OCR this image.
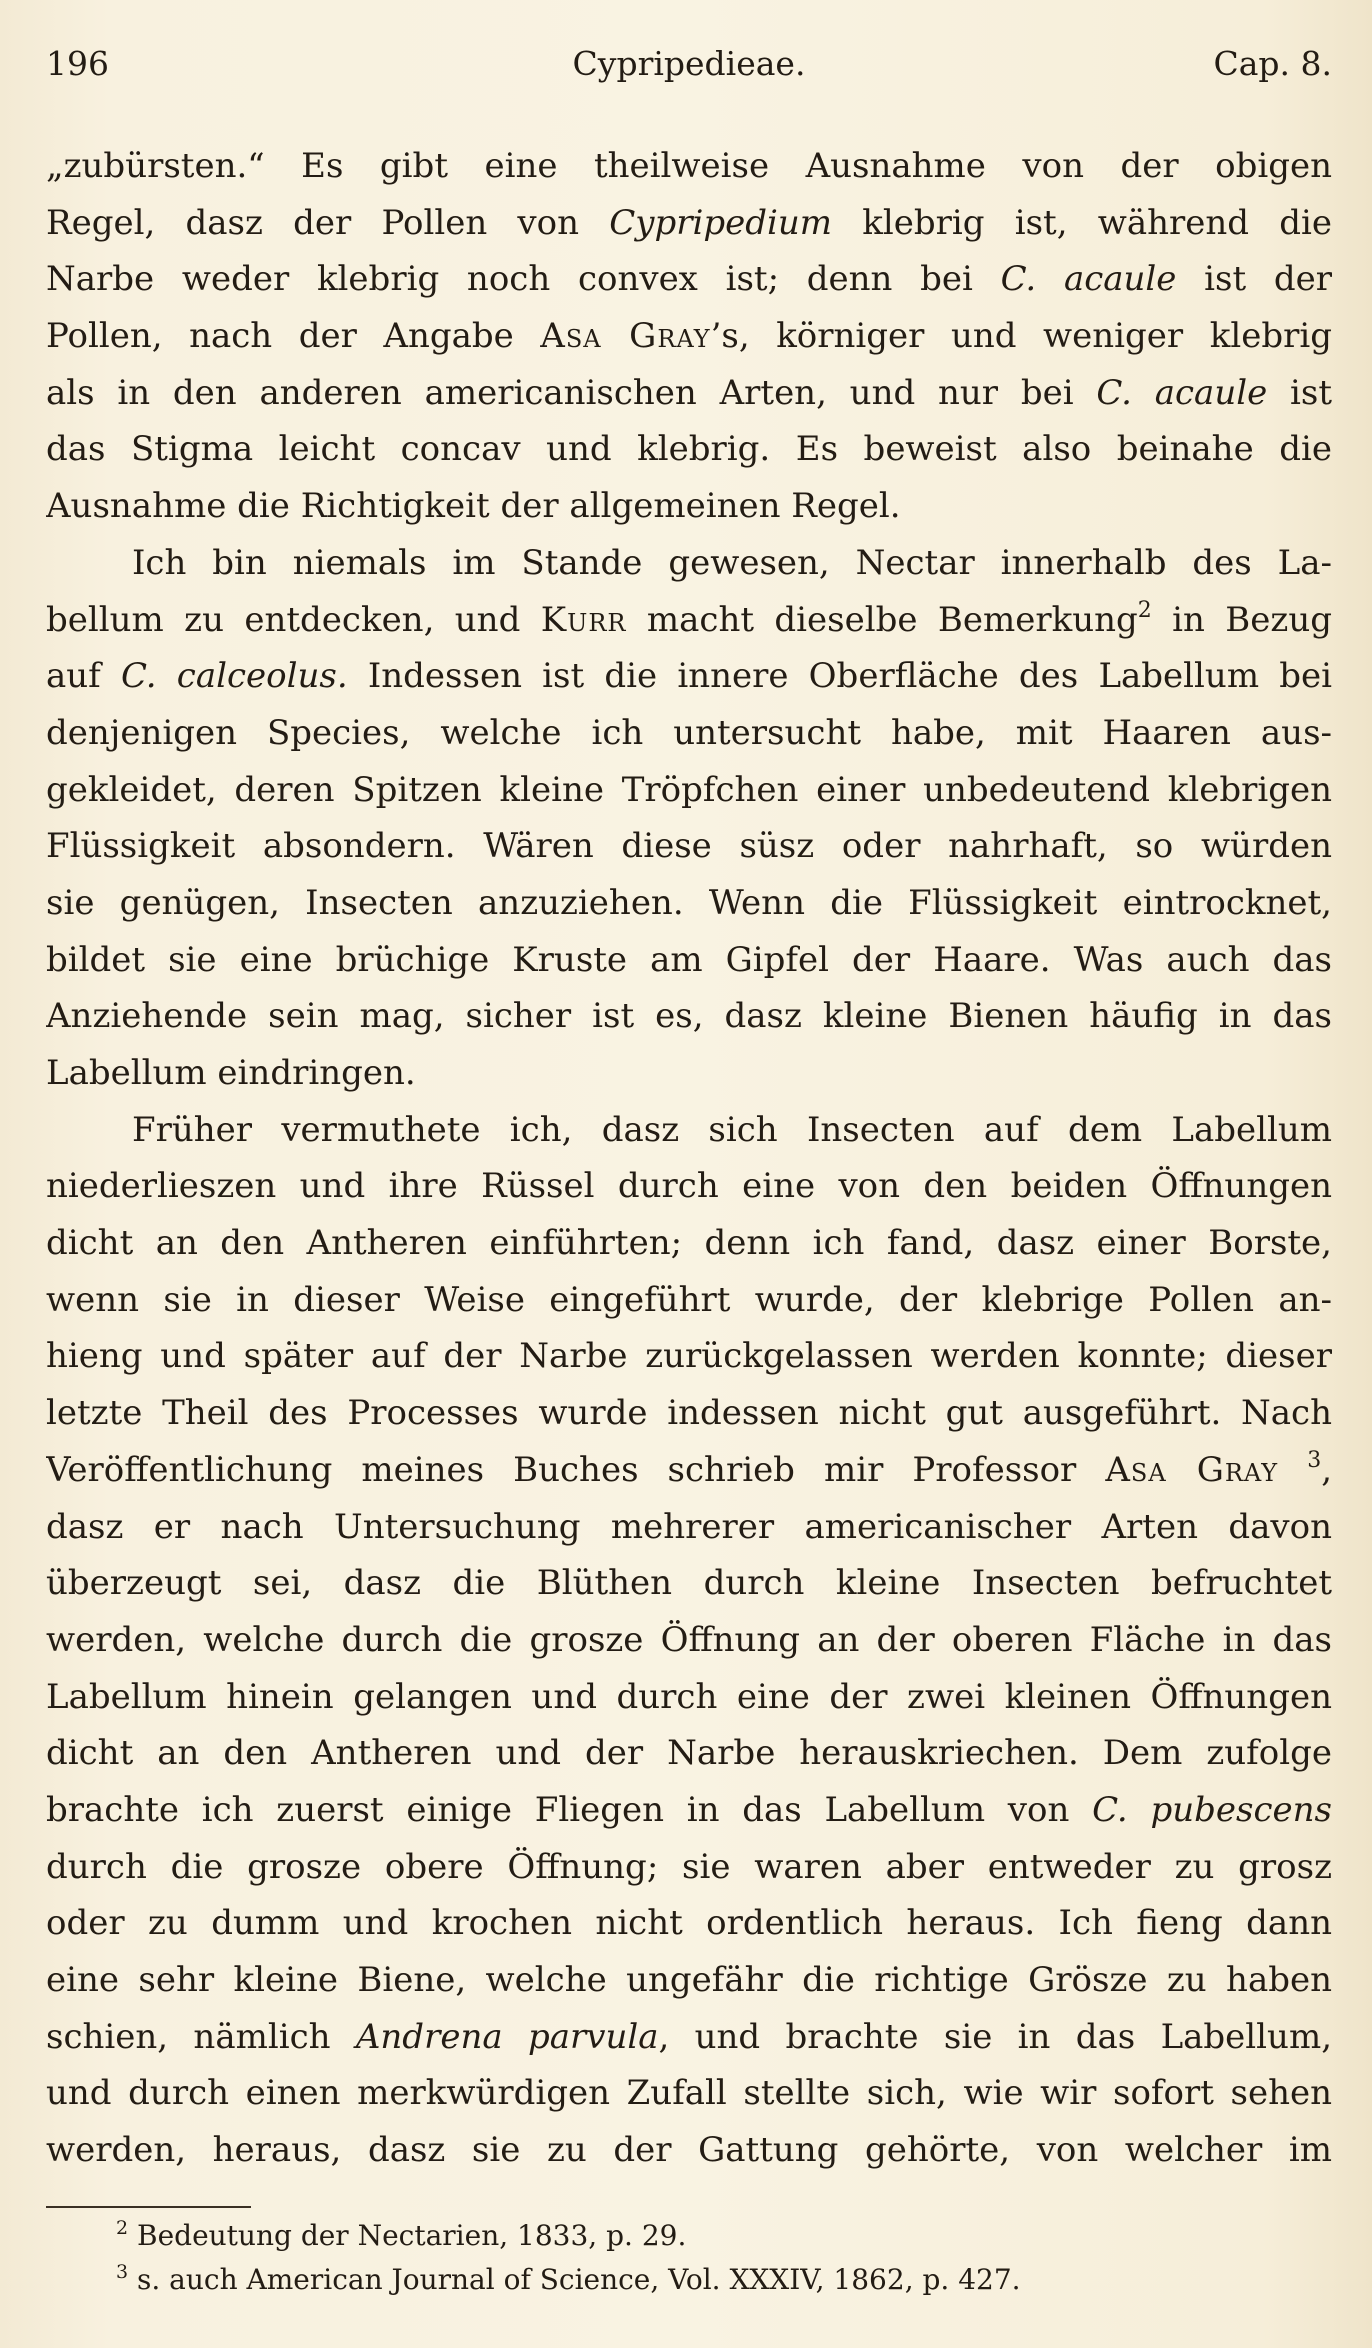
196	Cypripedieae.	Cap. 8.
„zubürsten.“ Es gibt eine theilweise Ausnahme von der obigen
Regel, dasz der Pollen von Cypripedium klebrig ist, während die
Narbe weder klebrig noch convex ist; denn bei C. acaule ist der
Pollen, nach der Angabe Asa Gray’s, körniger und weniger klebrig
als in den anderen americanischen Arten, und nur bei C. acaule ist
das Stigma leicht concav und klebrig. Es beweist also beinahe die
Ausnahme die Richtigkeit der allgemeinen Regel.
Ich bin niemals im Stande gewesen, Nectar innerhalb des La-
bellum zu entdecken, und Kurr macht dieselbe Bemerkung$^2$ in Bezug
auf C. calceolus. Indessen ist die innere Oberfläche des Labellum bei
denjenigen Species, welche ich untersucht habe, mit Haaren aus-
gekleidet, deren Spitzen kleine Tröpfchen einer unbedeutend klebrigen
Flüssigkeit absondern. Wären diese süsz oder nahrhaft, so würden
sie genügen, Insecten anzuziehen. Wenn die Flüssigkeit eintrocknet,
bildet sie eine brüchige Kruste am Gipfel der Haare. Was auch das
Anziehende sein mag, sicher ist es, dasz kleine Bienen häufig in das
Labellum eindringen.
Früher vermuthete ich, dasz sich Insecten auf dem Labellum
niederlieszen und ihre Rüssel durch eine von den beiden Öffnungen
dicht an den Antheren einführten; denn ich fand, dasz einer Borste,
wenn sie in dieser Weise eingeführt wurde, der klebrige Pollen an-
hieng und später auf der Narbe zurückgelassen werden konnte; dieser
letzte Theil des Processes wurde indessen nicht gut ausgeführt. Nach
Veröffentlichung meines Buches schrieb mir Professor Asa Gray $^3$,
dasz er nach Untersuchung mehrerer americanischer Arten davon
überzeugt sei, dasz die Blüthen durch kleine Insecten befruchtet
werden, welche durch die grosze Öffnung an der oberen Fläche in das
Labellum hinein gelangen und durch eine der zwei kleinen Öffnungen
dicht an den Antheren und der Narbe herauskriechen. Dem zufolge
brachte ich zuerst einige Fliegen in das Labellum von C. pubescens
durch die grosze obere Öffnung; sie waren aber entweder zu grosz
oder zu dumm und krochen nicht ordentlich heraus. Ich fieng dann
eine sehr kleine Biene, welche ungefähr die richtige Grösze zu haben
schien, nämlich Andrena parvula, und brachte sie in das Labellum,
und durch einen merkwürdigen Zufall stellte sich, wie wir sofort sehen
werden, heraus, dasz sie zu der Gattung gehörte, von welcher im
$^2$ Bedeutung der Nectarien, 1833, p. 29.
$^3$ s. auch American Journal of Science, Vol. XXXIV, 1862, p. 427.
